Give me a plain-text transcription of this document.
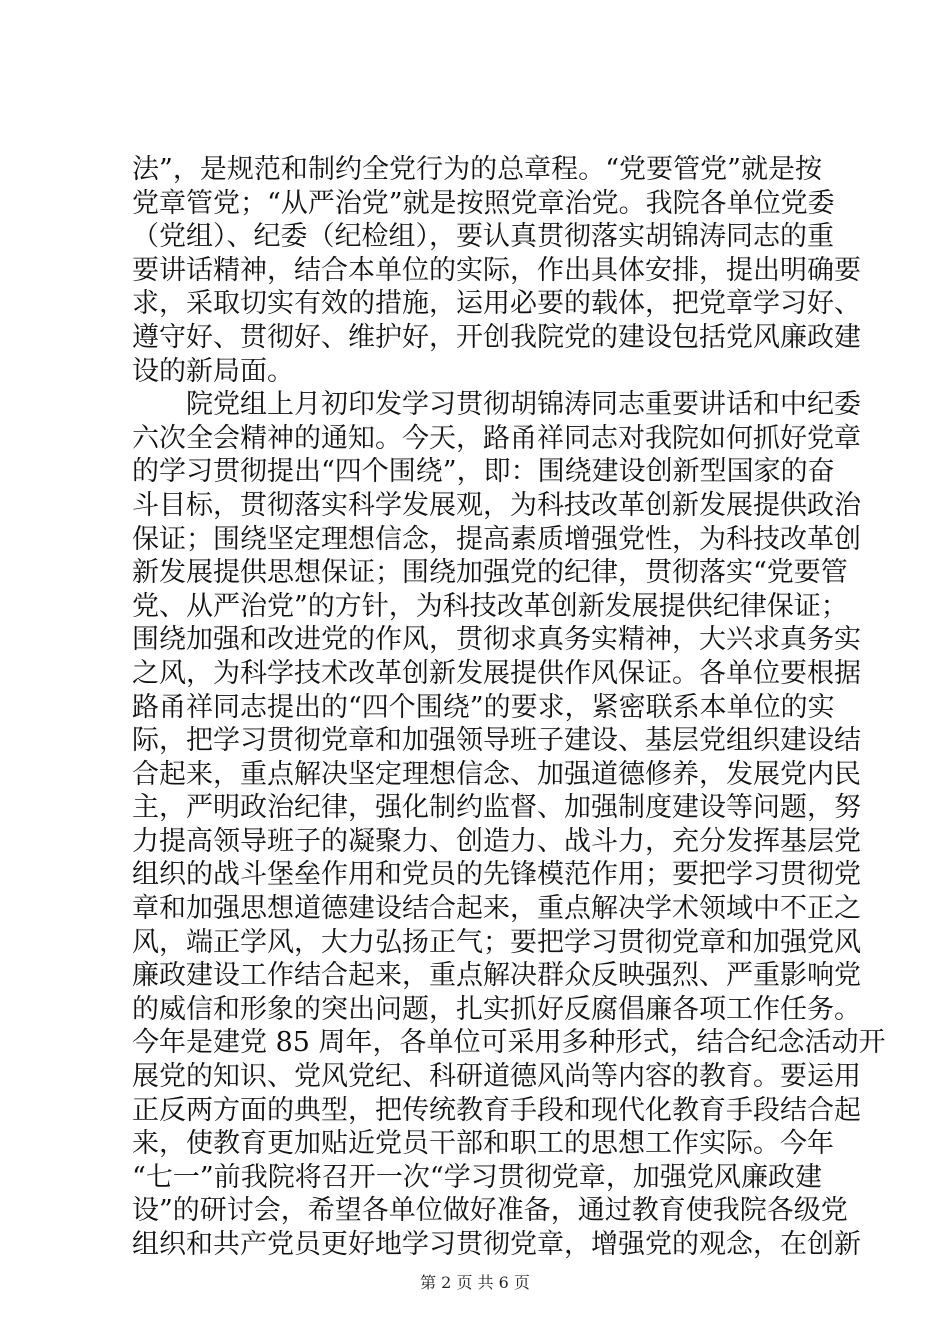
法”，是规范和制约全党行为的总章程。“党要管党”就是按
党章管党；“从严治党”就是按照党章治党。我院各单位党委
（党组）、纪委（纪检组），要认真贯彻落实胡锦涛同志的重
要讲话精神，结合本单位的实际，作出具体安排，提出明确要
求，采取切实有效的措施，运用必要的载体，把党章学习好、
遵守好、贯彻好、维护好，开创我院党的建设包括党风廉政建
设的新局面。
　　院党组上月初印发学习贯彻胡锦涛同志重要讲话和中纪委
六次全会精神的通知。今天，路甬祥同志对我院如何抓好党章
的学习贯彻提出“四个围绕”，即：围绕建设创新型国家的奋
斗目标，贯彻落实科学发展观，为科技改革创新发展提供政治
保证；围绕坚定理想信念，提高素质增强党性，为科技改革创
新发展提供思想保证；围绕加强党的纪律，贯彻落实“党要管
党、从严治党”的方针，为科技改革创新发展提供纪律保证；
围绕加强和改进党的作风，贯彻求真务实精神，大兴求真务实
之风，为科学技术改革创新发展提供作风保证。各单位要根据
路甬祥同志提出的“四个围绕”的要求，紧密联系本单位的实
际，把学习贯彻党章和加强领导班子建设、基层党组织建设结
合起来，重点解决坚定理想信念、加强道德修养，发展党内民
主，严明政治纪律，强化制约监督、加强制度建设等问题，努
力提高领导班子的凝聚力、创造力、战斗力，充分发挥基层党
组织的战斗堡垒作用和党员的先锋模范作用；要把学习贯彻党
章和加强思想道德建设结合起来，重点解决学术领域中不正之
风，端正学风，大力弘扬正气；要把学习贯彻党章和加强党风
廉政建设工作结合起来，重点解决群众反映强烈、严重影响党
的威信和形象的突出问题，扎实抓好反腐倡廉各项工作任务。
今年是建党 85 周年，各单位可采用多种形式，结合纪念活动开
展党的知识、党风党纪、科研道德风尚等内容的教育。要运用
正反两方面的典型，把传统教育手段和现代化教育手段结合起
来，使教育更加贴近党员干部和职工的思想工作实际。今年
“七一”前我院将召开一次“学习贯彻党章，加强党风廉政建
设”的研讨会，希望各单位做好准备，通过教育使我院各级党
组织和共产党员更好地学习贯彻党章，增强党的观念，在创新
第 2 页 共 6 页
